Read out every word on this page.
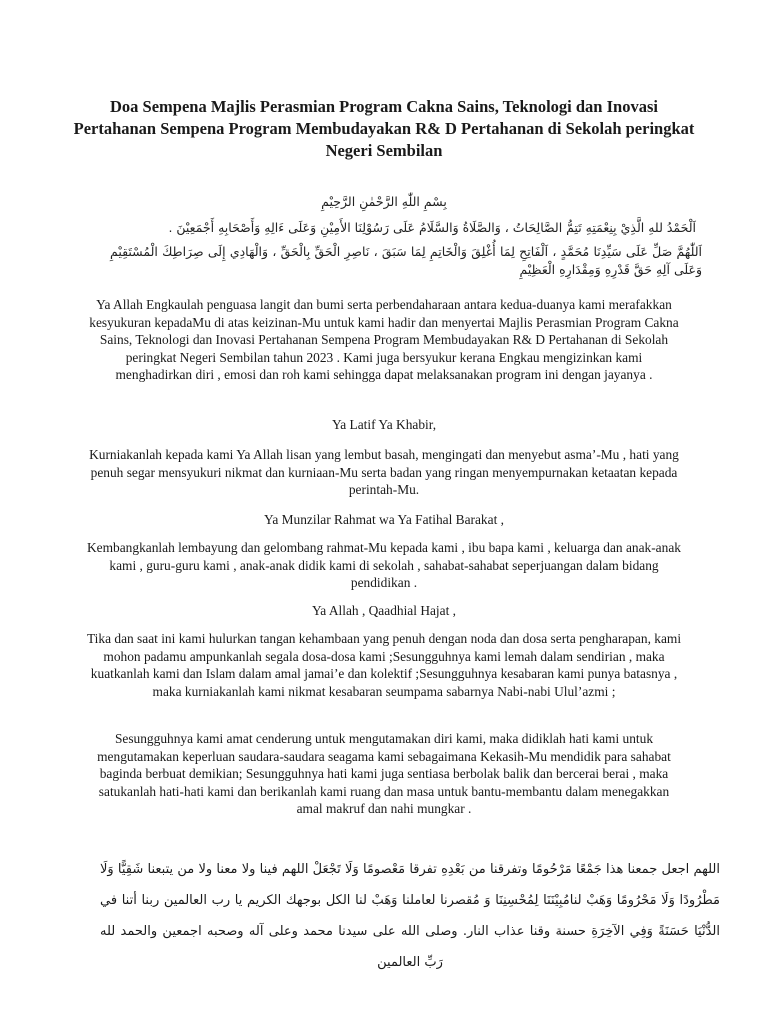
Doa Sempena Majlis Perasmian Program Cakna Sains, Teknologi dan Inovasi Pertahanan Sempena Program Membudayakan R& D Pertahanan di Sekolah peringkat Negeri Sembilan
بِسْمِ اللّٰهِ الرَّحْمٰنِ الرَّحِيْمِ
اَلْحَمْدُ للهِ الَّذِيْ بِنِعْمَتِهِ تَتِمُّ الصَّالِحَاتُ ، وَالصَّلَاةُ وَالسَّلَامُ عَلَى رَسُوْلِنَا الأَمِيْنِ وَعَلَى ءَالِهِ وَأَصْحَابِهِ أَجْمَعِيْنَ .
اَللّٰهُمَّ صَلِّ عَلَى سَيِّدِنَا مُحَمَّدٍ ، اَلْفَاتِحِ لِمَا أُغْلِقَ وَالْخَاتِمِ لِمَا سَبَقَ ، نَاصِرِ الْحَقِّ بِالْحَقِّ ، وَالْهَادِي إِلَى صِرَاطِكَ الْمُسْتَقِيْمِ وَعَلَى آلِهِ حَقَّ قَدْرِهِ وَمِقْدَارِهِ الْعَظِيْمِ
Ya Allah Engkaulah penguasa langit dan bumi serta perbendaharaan antara kedua-duanya kami merafakkan kesyukuran kepadaMu di atas keizinan-Mu untuk kami hadir dan menyertai Majlis Perasmian Program Cakna Sains, Teknologi dan Inovasi Pertahanan Sempena Program Membudayakan R& D Pertahanan di Sekolah peringkat Negeri Sembilan tahun 2023 . Kami juga bersyukur kerana Engkau mengizinkan kami menghadirkan diri , emosi dan roh kami sehingga dapat melaksanakan program ini dengan jayanya .
Ya Latif Ya Khabir,
Kurniakanlah kepada kami Ya Allah lisan yang lembut basah, mengingati dan menyebut asma’-Mu , hati yang penuh segar mensyukuri nikmat dan kurniaan-Mu serta badan yang ringan menyempurnakan ketaatan kepada perintah-Mu.
Ya Munzilar Rahmat wa Ya Fatihal Barakat ,
Kembangkanlah lembayung dan gelombang rahmat-Mu kepada kami , ibu bapa kami , keluarga dan anak-anak kami , guru-guru kami , anak-anak didik kami di sekolah , sahabat-sahabat seperjuangan dalam bidang pendidikan .
Ya Allah , Qaadhial Hajat ,
Tika dan saat ini kami hulurkan tangan kehambaan yang penuh dengan noda dan dosa serta pengharapan, kami mohon padamu ampunkanlah segala dosa-dosa kami ;Sesungguhnya kami lemah dalam sendirian , maka kuatkanlah kami dan Islam dalam amal jamai’e dan kolektif ;Sesungguhnya kesabaran kami punya batasnya , maka kurniakanlah kami nikmat kesabaran seumpama sabarnya Nabi-nabi Ulul’azmi ;
Sesungguhnya kami amat cenderung untuk mengutamakan diri kami, maka didiklah hati kami untuk mengutamakan keperluan saudara-saudara seagama kami sebagaimana Kekasih-Mu mendidik para sahabat baginda berbuat demikian; Sesungguhnya hati kami juga sentiasa berbolak balik dan bercerai berai , maka satukanlah hati-hati kami dan berikanlah kami ruang dan masa untuk bantu-membantu dalam menegakkan amal makruf dan nahi mungkar .
اللهم اجعل جمعنا هذا جَمْعًا مَرْحُومًا وتفرقنا من بَعْدِهِ تفرقا مَعْصومًا وَلَا تَجْعَلْ اللهم فينا ولا معنا ولا من يتبعنا شَقِيًّا وَلَا مَطْرُودًا وَلَا مَحْرُومًا وَهَبْ لنامُبِيْنَنَا لِمُحْسِنِنَا وَ مُقصرنا لعاملنا وَهَبْ لنا الكل بوجهك الكريم يا رب العالمين ربنا أتنا في الدُّنْيَا حَسَنَةً وَفِي الآخِرَةِ حسنة وقنا عذاب النار. وصلى الله على سيدنا محمد وعلى آله وصحبه اجمعين والحمد لله رَبِّ العالمين
